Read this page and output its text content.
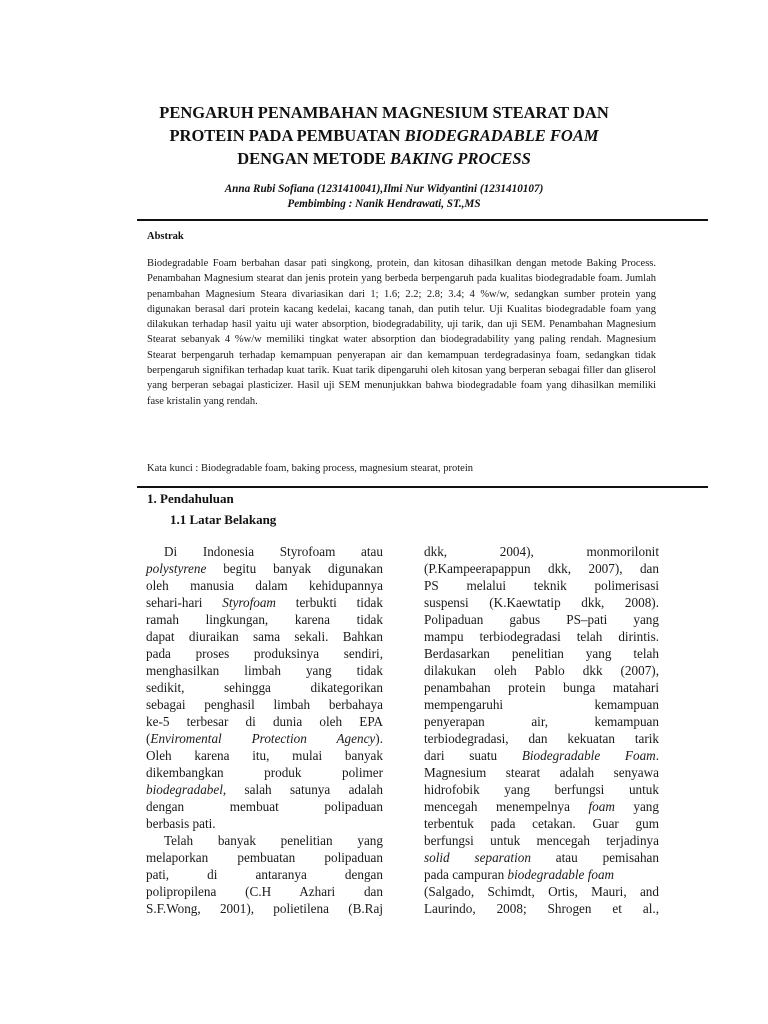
PENGARUH PENAMBAHAN MAGNESIUM STEARAT DAN
PROTEIN PADA PEMBUATAN BIODEGRADABLE FOAM
DENGAN METODE BAKING PROCESS
Anna Rubi Sofiana (1231410041),Ilmi Nur Widyantini (1231410107)
Pembimbing : Nanik Hendrawati, ST.,MS
Abstrak
Biodegradable Foam berbahan dasar pati singkong, protein, dan kitosan dihasilkan dengan metode Baking Process. Penambahan Magnesium stearat dan jenis protein yang berbeda berpengaruh pada kualitas biodegradable foam. Jumlah penambahan Magnesium Steara divariasikan dari 1; 1.6; 2.2; 2.8; 3.4; 4 %w/w, sedangkan sumber protein yang digunakan berasal dari protein kacang kedelai, kacang tanah, dan putih telur. Uji Kualitas biodegradable foam yang dilakukan terhadap hasil yaitu uji water absorption, biodegradability, uji tarik, dan uji SEM. Penambahan Magnesium Stearat sebanyak 4 %w/w memiliki tingkat water absorption dan biodegradability yang paling rendah. Magnesium Stearat berpengaruh terhadap kemampuan penyerapan air dan kemampuan terdegradasinya foam, sedangkan tidak berpengaruh signifikan terhadap kuat tarik. Kuat tarik dipengaruhi oleh kitosan yang berperan sebagai filler dan gliserol yang berperan sebagai plasticizer. Hasil uji SEM menunjukkan bahwa biodegradable foam yang dihasilkan memiliki fase kristalin yang rendah.
Kata kunci : Biodegradable foam, baking process, magnesium stearat, protein
1. Pendahuluan
1.1 Latar Belakang
Di Indonesia Styrofoam atau
polystyrene begitu banyak digunakan
oleh manusia dalam kehidupannya
sehari-hari Styrofoam terbukti tidak
ramah lingkungan, karena tidak
dapat diuraikan sama sekali. Bahkan
pada proses produksinya sendiri,
menghasilkan limbah yang tidak
sedikit, sehingga dikategorikan
sebagai penghasil limbah berbahaya
ke-5 terbesar di dunia oleh EPA
(Enviromental Protection Agency).
Oleh karena itu, mulai banyak
dikembangkan produk polimer
biodegradabel, salah satunya adalah
dengan membuat polipaduan
berbasis pati.
Telah banyak penelitian yang
melaporkan pembuatan polipaduan
pati, di antaranya dengan
polipropilena (C.H Azhari dan
S.F.Wong, 2001), polietilena (B.Raj
dkk, 2004), monmorilonit
(P.Kampeerapappun dkk, 2007), dan
PS melalui teknik polimerisasi
suspensi (K.Kaewtatip dkk, 2008).
Polipaduan gabus PS–pati yang
mampu terbiodegradasi telah dirintis.
Berdasarkan penelitian yang telah
dilakukan oleh Pablo dkk (2007),
penambahan protein bunga matahari
mempengaruhi kemampuan
penyerapan air, kemampuan
terbiodegradasi, dan kekuatan tarik
dari suatu Biodegradable Foam.
Magnesium stearat adalah senyawa
hidrofobik yang berfungsi untuk
mencegah menempelnya foam yang
terbentuk pada cetakan. Guar gum
berfungsi untuk mencegah terjadinya
solid separation atau pemisahan
pada campuran biodegradable foam
(Salgado, Schimdt, Ortis, Mauri, and
Laurindo, 2008; Shrogen et al.,
